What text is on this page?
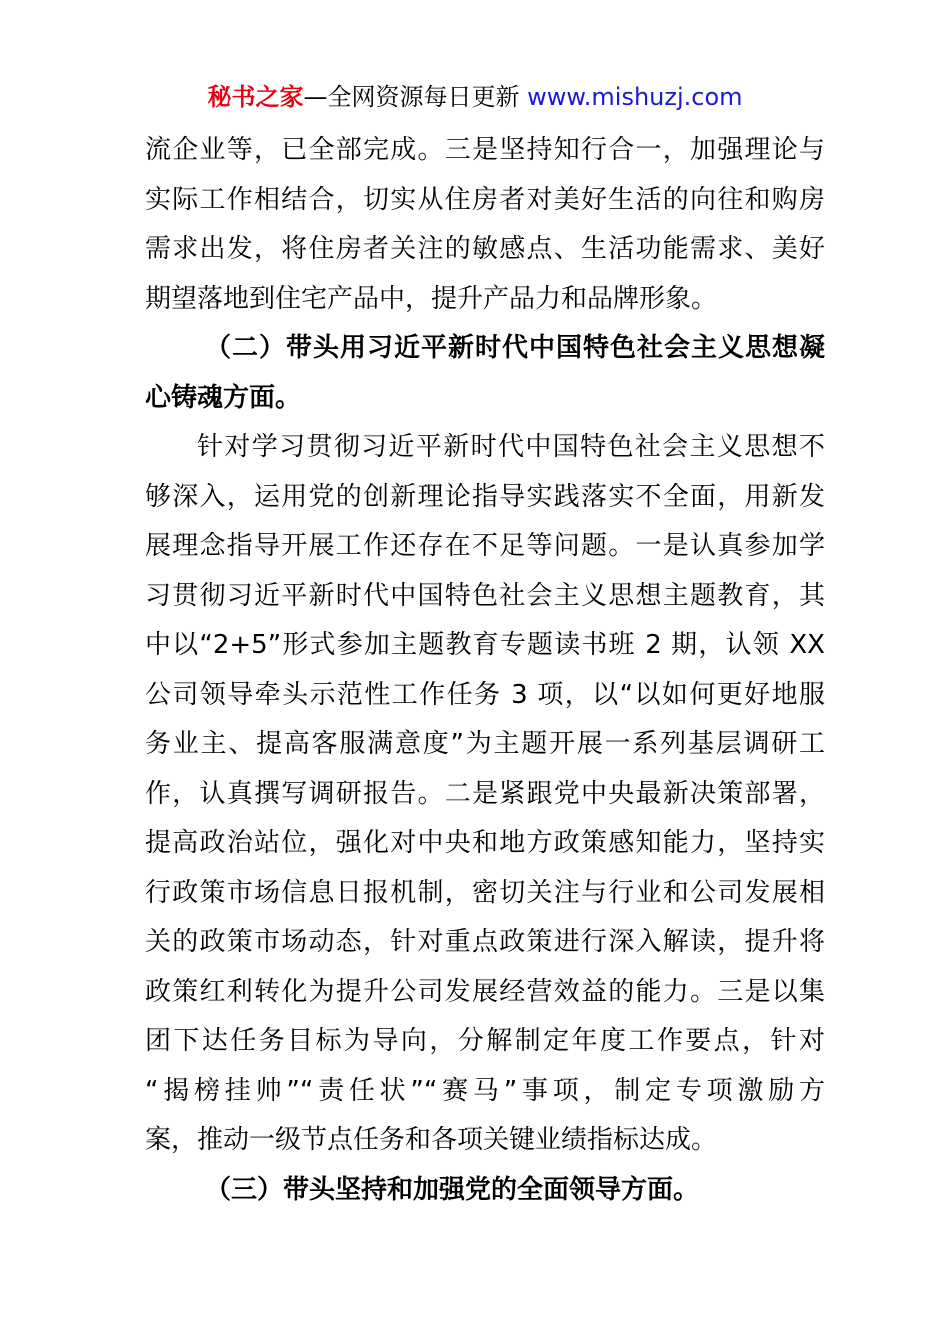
秘书之家—全网资源每日更新 www.mishuzj.com
流企业等，已全部完成。三是坚持知行合一，加强理论与
实际工作相结合，切实从住房者对美好生活的向往和购房
需求出发，将住房者关注的敏感点、生活功能需求、美好
期望落地到住宅产品中，提升产品力和品牌形象。
（二）带头用习近平新时代中国特色社会主义思想凝
心铸魂方面。
针对学习贯彻习近平新时代中国特色社会主义思想不
够深入，运用党的创新理论指导实践落实不全面，用新发
展理念指导开展工作还存在不足等问题。一是认真参加学
习贯彻习近平新时代中国特色社会主义思想主题教育，其
中以“2+5”形式参加主题教育专题读书班 2 期，认领 XX
公司领导牵头示范性工作任务 3 项，以“以如何更好地服
务业主、提高客服满意度”为主题开展一系列基层调研工
作，认真撰写调研报告。二是紧跟党中央最新决策部署，
提高政治站位，强化对中央和地方政策感知能力，坚持实
行政策市场信息日报机制，密切关注与行业和公司发展相
关的政策市场动态，针对重点政策进行深入解读，提升将
政策红利转化为提升公司发展经营效益的能力。三是以集
团下达任务目标为导向，分解制定年度工作要点，针对
“揭榜挂帅”“责任状”“赛马”事项，制定专项激励方
案，推动一级节点任务和各项关键业绩指标达成。
（三）带头坚持和加强党的全面领导方面。
